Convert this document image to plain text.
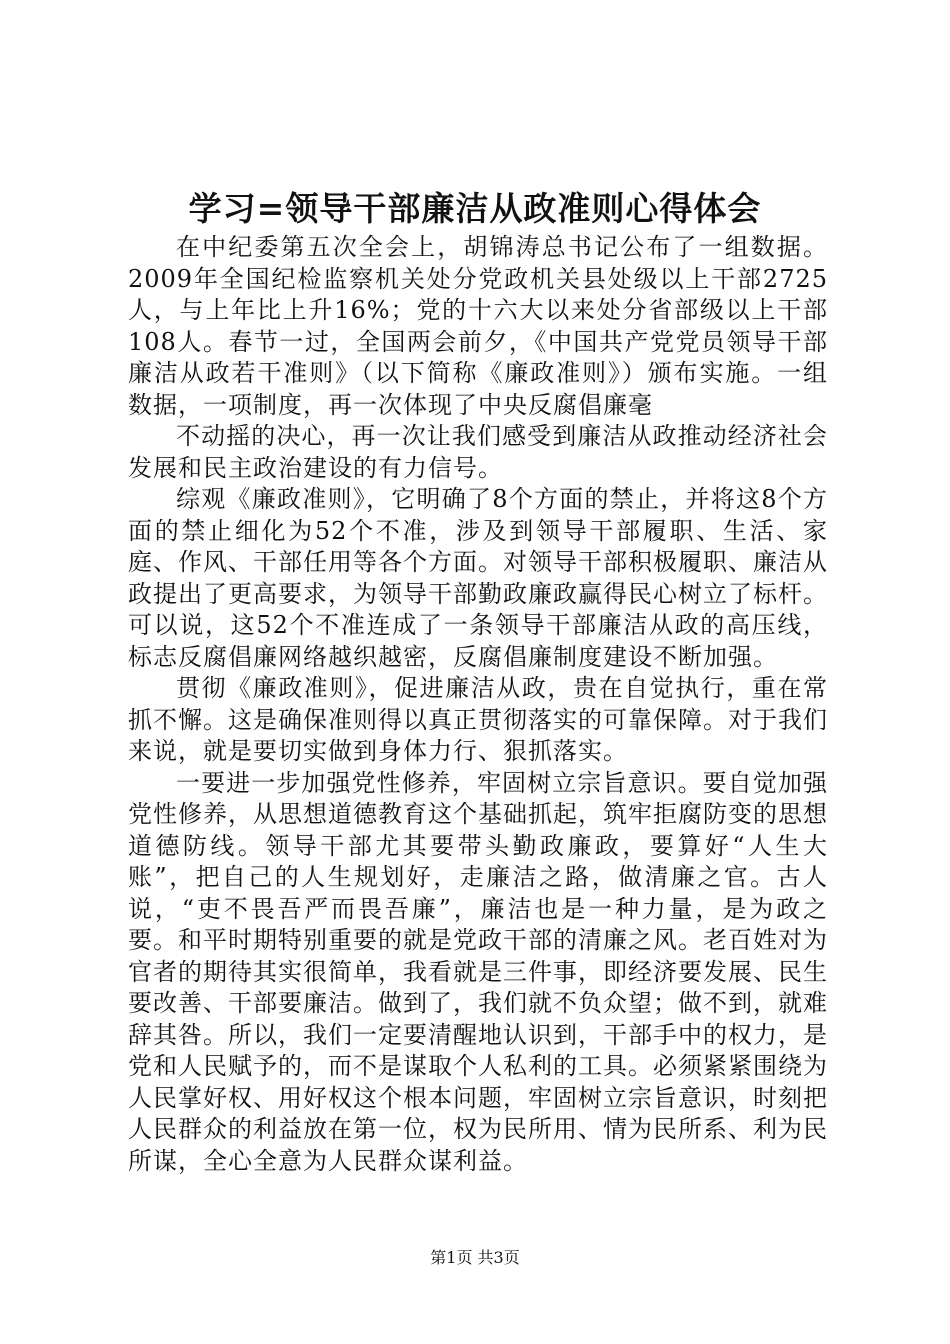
学习=领导干部廉洁从政准则心得体会

在中纪委第五次全会上，胡锦涛总书记公布了一组数据。2009年全国纪检监察机关处分党政机关县处级以上干部2725人，与上年比上升16%；党的十六大以来处分省部级以上干部108人。春节一过，全国两会前夕，《中国共产党党员领导干部廉洁从政若干准则》（以下简称《廉政准则》）颁布实施。一组数据，一项制度，再一次体现了中央反腐倡廉毫

不动摇的决心，再一次让我们感受到廉洁从政推动经济社会发展和民主政治建设的有力信号。

综观《廉政准则》，它明确了8个方面的禁止，并将这8个方面的禁止细化为52个不准，涉及到领导干部履职、生活、家庭、作风、干部任用等各个方面。对领导干部积极履职、廉洁从政提出了更高要求，为领导干部勤政廉政赢得民心树立了标杆。可以说，这52个不准连成了一条领导干部廉洁从政的高压线，标志反腐倡廉网络越织越密，反腐倡廉制度建设不断加强。

贯彻《廉政准则》，促进廉洁从政，贵在自觉执行，重在常抓不懈。这是确保准则得以真正贯彻落实的可靠保障。对于我们来说，就是要切实做到身体力行、狠抓落实。

一要进一步加强党性修养，牢固树立宗旨意识。要自觉加强党性修养，从思想道德教育这个基础抓起，筑牢拒腐防变的思想道德防线。领导干部尤其要带头勤政廉政，要算好“人生大账”，把自己的人生规划好，走廉洁之路，做清廉之官。古人说，“吏不畏吾严而畏吾廉”，廉洁也是一种力量，是为政之要。和平时期特别重要的就是党政干部的清廉之风。老百姓对为官者的期待其实很简单，我看就是三件事，即经济要发展、民生要改善、干部要廉洁。做到了，我们就不负众望；做不到，就难辞其咎。所以，我们一定要清醒地认识到，干部手中的权力，是党和人民赋予的，而不是谋取个人私利的工具。必须紧紧围绕为人民掌好权、用好权这个根本问题，牢固树立宗旨意识，时刻把人民群众的利益放在第一位，权为民所用、情为民所系、利为民所谋，全心全意为人民群众谋利益。

第1页 共3页
